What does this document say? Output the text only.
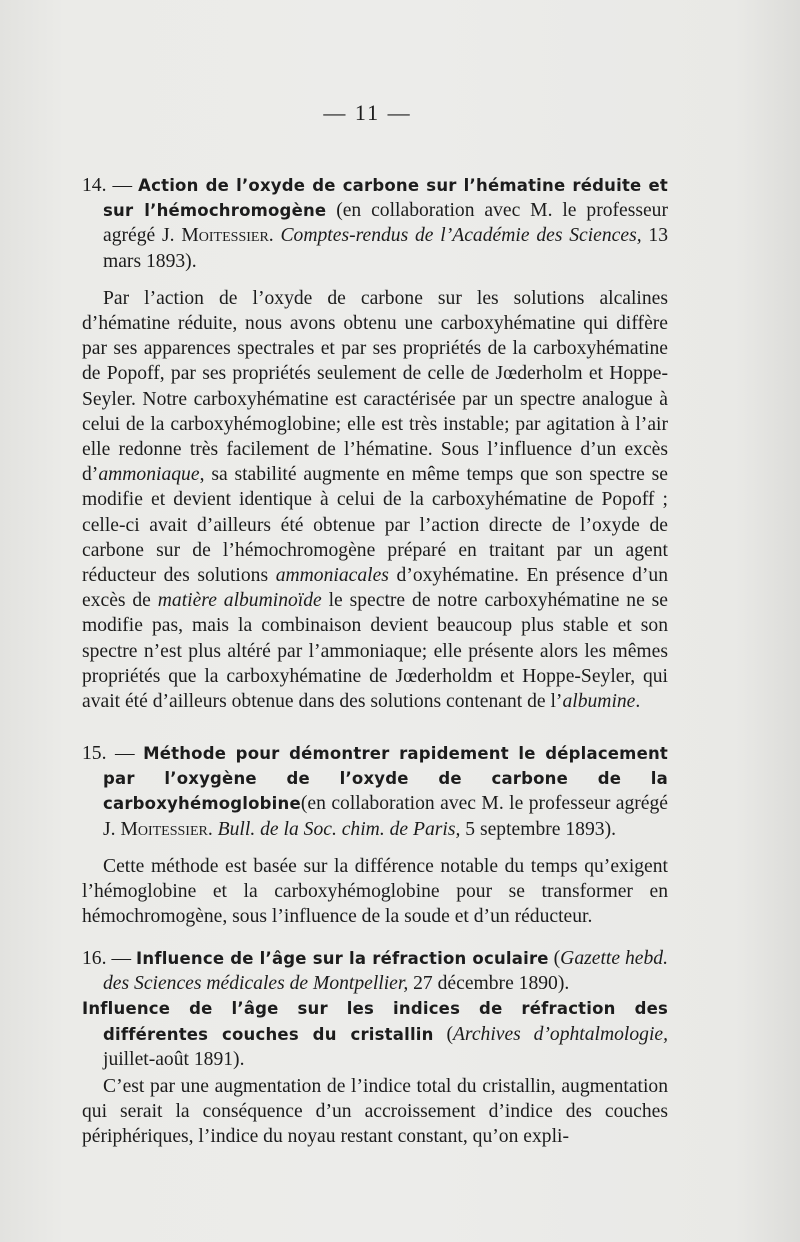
— 11 —

14. — Action de l’oxyde de carbone sur l’hématine réduite et sur l’hémochromogène (en collaboration avec M. le professeur agrégé J. Moitessier. Comptes-rendus de l’Académie des Sciences, 13 mars 1893).

Par l’action de l’oxyde de carbone sur les solutions alcalines d’hématine réduite, nous avons obtenu une carboxyhématine qui diffère par ses apparences spectrales et par ses propriétés de la carboxyhématine de Popoff, par ses propriétés seulement de celle de Jœderholm et Hoppe-Seyler. Notre carboxyhématine est caractérisée par un spectre analogue à celui de la carboxyhémoglobine; elle est très instable; par agitation à l’air elle redonne très facilement de l’hématine. Sous l’influence d’un excès d’ammoniaque, sa stabilité augmente en même temps que son spectre se modifie et devient identique à celui de la carboxyhématine de Popoff ; celle-ci avait d’ailleurs été obtenue par l’action directe de l’oxyde de carbone sur de l’hémochromogène préparé en traitant par un agent réducteur des solutions ammoniacales d’oxyhématine. En présence d’un excès de matière albuminoïde le spectre de notre carboxyhématine ne se modifie pas, mais la combinaison devient beaucoup plus stable et son spectre n’est plus altéré par l’ammoniaque; elle présente alors les mêmes propriétés que la carboxyhématine de Jœderholdm et Hoppe-Seyler, qui avait été d’ailleurs obtenue dans des solutions contenant de l’albumine.

15. — Méthode pour démontrer rapidement le déplacement par l’oxygène de l’oxyde de carbone de la carboxyhémoglobine(en collaboration avec M. le professeur agrégé J. Moitessier. Bull. de la Soc. chim. de Paris, 5 septembre 1893).

Cette méthode est basée sur la différence notable du temps qu’exigent l’hémoglobine et la carboxyhémoglobine pour se transformer en hémochromogène, sous l’influence de la soude et d’un réducteur.

16. — Influence de l’âge sur la réfraction oculaire (Gazette hebd. des Sciences médicales de Montpellier, 27 décembre 1890).

Influence de l’âge sur les indices de réfraction des différentes couches du cristallin (Archives d’ophtalmologie, juillet-août 1891).

C’est par une augmentation de l’indice total du cristallin, augmentation qui serait la conséquence d’un accroissement d’indice des couches périphériques, l’indice du noyau restant constant, qu’on expli-
